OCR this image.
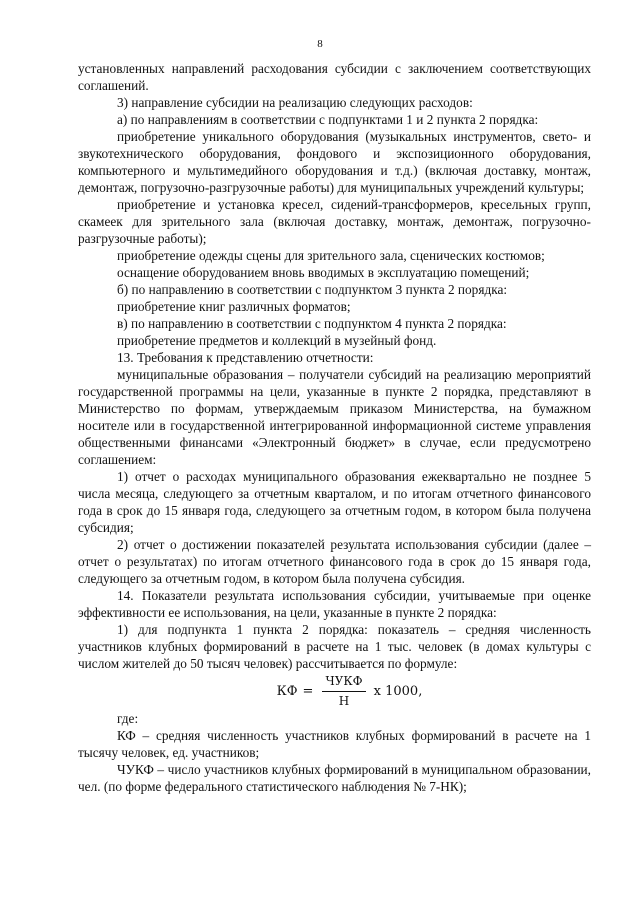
8

установленных направлений расходования субсидии с заключением соответствующих соглашений.

3) направление субсидии на реализацию следующих расходов:

а) по направлениям в соответствии с подпунктами 1 и 2 пункта 2 порядка:

приобретение уникального оборудования (музыкальных инструментов, свето- и звукотехнического оборудования, фондового и экспозиционного оборудования, компьютерного и мультимедийного оборудования и т.д.) (включая доставку, монтаж, демонтаж, погрузочно-разгрузочные работы) для муниципальных учреждений культуры;

приобретение и установка кресел, сидений-трансформеров, кресельных групп, скамеек для зрительного зала (включая доставку, монтаж, демонтаж, погрузочно-разгрузочные работы);

приобретение одежды сцены для зрительного зала, сценических костюмов;

оснащение оборудованием вновь вводимых в эксплуатацию помещений;

б) по направлению в соответствии с подпунктом 3 пункта 2 порядка:

приобретение книг различных форматов;

в) по направлению в соответствии с подпунктом 4 пункта 2 порядка:

приобретение предметов и коллекций в музейный фонд.

13. Требования к представлению отчетности:

муниципальные образования – получатели субсидий на реализацию мероприятий государственной программы на цели, указанные в пункте 2 порядка, представляют в Министерство по формам, утверждаемым приказом Министерства, на бумажном носителе или в государственной интегрированной информационной системе управления общественными финансами «Электронный бюджет» в случае, если предусмотрено соглашением:

1) отчет о расходах муниципального образования ежеквартально не позднее 5 числа месяца, следующего за отчетным кварталом, и по итогам отчетного финансового года в срок до 15 января года, следующего за отчетным годом, в котором была получена субсидия;

2) отчет о достижении показателей результата использования субсидии (далее – отчет о результатах) по итогам отчетного финансового года в срок до 15 января года, следующего за отчетным годом, в котором была получена субсидия.

14. Показатели результата использования субсидии, учитываемые при оценке эффективности ее использования, на цели, указанные в пункте 2 порядка:

1) для подпункта 1 пункта 2 порядка: показатель – средняя численность участников клубных формирований в расчете на 1 тыс. человек (в домах культуры с числом жителей до 50 тысяч человек) рассчитывается по формуле:

КФ = $\frac{\text{ЧУКФ}}{Н}$ x 1000,

где:

КФ – средняя численность участников клубных формирований в расчете на 1 тысячу человек, ед. участников;

ЧУКФ – число участников клубных формирований в муниципальном образовании, чел. (по форме федерального статистического наблюдения № 7-НК);
